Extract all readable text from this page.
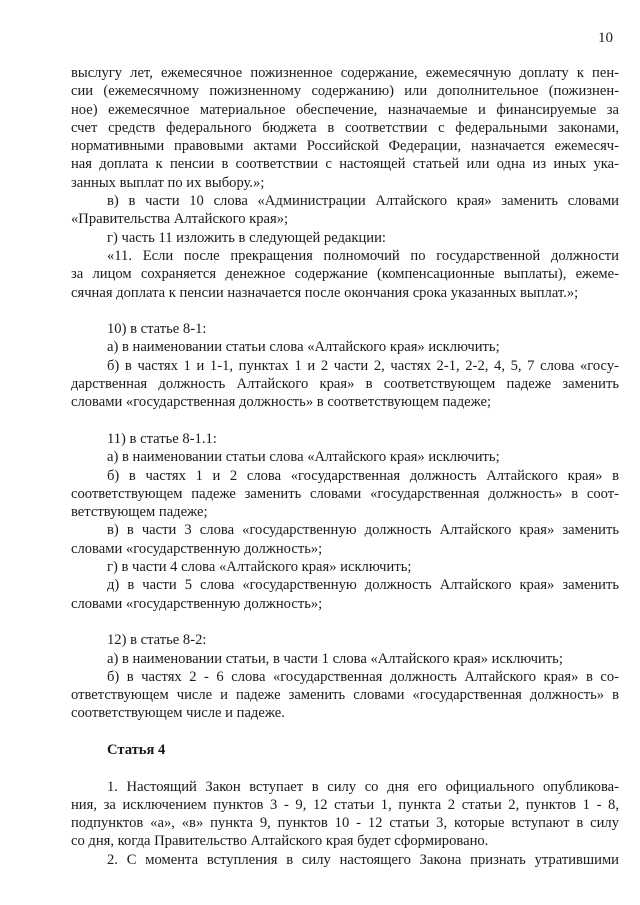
10
выслугу лет, ежемесячное пожизненное содержание, ежемесячную доплату к пен-
сии (ежемесячному пожизненному содержанию) или дополнительное (пожизнен-
ное) ежемесячное материальное обеспечение, назначаемые и финансируемые за
счет средств федерального бюджета в соответствии с федеральными законами,
нормативными правовыми актами Российской Федерации, назначается ежемесяч-
ная доплата к пенсии в соответствии с настоящей статьей или одна из иных ука-
занных выплат по их выбору.»;
в) в части 10 слова «Администрации Алтайского края» заменить словами
«Правительства Алтайского края»;
г) часть 11 изложить в следующей редакции:
«11. Если после прекращения полномочий по государственной должности
за лицом сохраняется денежное содержание (компенсационные выплаты), ежеме-
сячная доплата к пенсии назначается после окончания срока указанных выплат.»;
10) в статье 8-1:
а) в наименовании статьи слова «Алтайского края» исключить;
б) в частях 1 и 1-1, пунктах 1 и 2 части 2, частях 2-1, 2-2, 4, 5, 7 слова «госу-
дарственная должность Алтайского края» в соответствующем падеже заменить
словами «государственная должность» в соответствующем падеже;
11) в статье 8-1.1:
а) в наименовании статьи слова «Алтайского края» исключить;
б) в частях 1 и 2 слова «государственная должность Алтайского края» в
соответствующем падеже заменить словами «государственная должность» в соот-
ветствующем падеже;
в) в части 3 слова «государственную должность Алтайского края» заменить
словами «государственную должность»;
г) в части 4 слова «Алтайского края» исключить;
д) в части 5 слова «государственную должность Алтайского края» заменить
словами «государственную должность»;
12) в статье 8-2:
а) в наименовании статьи, в части 1 слова «Алтайского края» исключить;
б) в частях 2 - 6 слова «государственная должность Алтайского края» в со-
ответствующем числе и падеже заменить словами «государственная должность» в
соответствующем числе и падеже.
Статья 4
1. Настоящий Закон вступает в силу со дня его официального опубликова-
ния, за исключением пунктов 3 - 9, 12 статьи 1, пункта 2 статьи 2, пунктов 1 - 8,
подпунктов «а», «в» пункта 9, пунктов 10 - 12 статьи 3, которые вступают в силу
со дня, когда Правительство Алтайского края будет сформировано.
2. С момента вступления в силу настоящего Закона признать утратившими
